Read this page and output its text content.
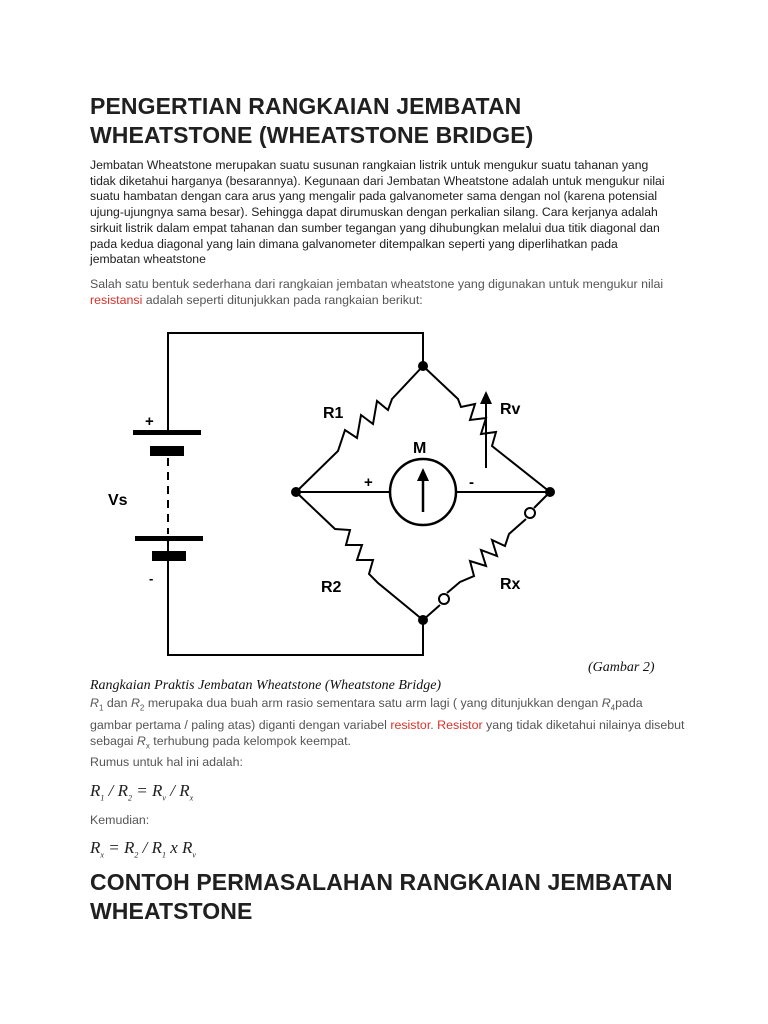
PENGERTIAN RANGKAIAN JEMBATAN WHEATSTONE (WHEATSTONE BRIDGE)
Jembatan Wheatstone merupakan suatu susunan rangkaian listrik untuk mengukur suatu tahanan yang tidak diketahui harganya (besarannya). Kegunaan dari Jembatan Wheatstone adalah untuk mengukur nilai suatu hambatan dengan cara arus yang mengalir pada galvanometer sama dengan nol (karena potensial ujung-ujungnya sama besar). Sehingga dapat dirumuskan dengan perkalian silang. Cara kerjanya adalah sirkuit listrik dalam empat tahanan dan sumber tegangan yang dihubungkan melalui dua titik diagonal dan pada kedua diagonal yang lain dimana galvanometer ditempalkan seperti yang diperlihatkan pada jembatan wheatstone
Salah satu bentuk sederhana dari rangkaian jembatan wheatstone yang digunakan untuk mengukur nilai resistansi adalah seperti ditunjukkan pada rangkaian berikut:
(Gambar 2)
Rangkaian Praktis Jembatan Wheatstone (Wheatstone Bridge)
$R_1$ dan $R_2$ merupaka dua buah arm rasio sementara satu arm lagi ( yang ditunjukkan dengan $R_4pada$ gambar pertama / paling atas) diganti dengan variabel resistor. Resistor yang tidak diketahui nilainya disebut sebagai $R_x$ terhubung pada kelompok keempat.
Rumus untuk hal ini adalah:
$R_1 / R_2 = R_v / R_x$
Kemudian:
$R_x = R_2 / R_1$ x $R_v$
CONTOH PERMASALAHAN RANGKAIAN JEMBATAN WHEATSTONE
+
Vs
-
R1	Rv
M
+	-
R2	Rx
